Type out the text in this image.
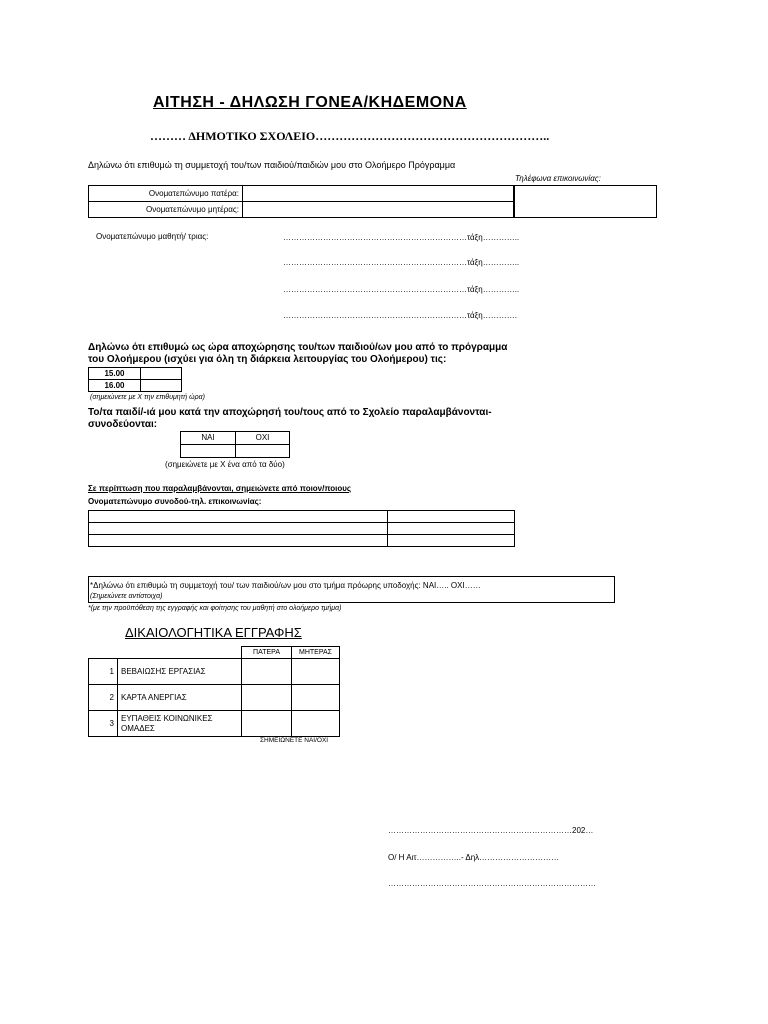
ΑΙΤΗΣΗ - ΔΗΛΩΣΗ ΓΟΝΕΑ/ΚΗΔΕΜΟΝΑ
……… ΔΗΜΟΤΙΚΟ ΣΧΟΛΕΙΟ…………………………………………………..
Δηλώνω ότι επιθυμώ τη συμμετοχή του/των παιδιού/παιδιών μου στο Ολοήμερο Πρόγραμμα
Τηλέφωνα επικοινωνίας:
Ονοματεπώνυμο πατέρα:	
Ονοματεπώνυμο μητέρας:	
Ονοματεπώνυμο μαθητή/ τριας:	……………………………………………………………τάξη…………..
……………………………………………………………τάξη…………..
……………………………………………………………τάξη…………..
……………………………………………………………τάξη………….
Δηλώνω ότι επιθυμώ ως ώρα αποχώρησης του/των παιδιού/ων μου από το πρόγραμμα
του Ολοήμερου (ισχύει για όλη τη διάρκεια λειτουργίας του Ολοήμερου) τις:
15.00	
16.00	
(σημειώνετε με Χ την επιθυμητή ώρα)
Το/τα παιδί/-ιά μου κατά την αποχώρησή του/τους από το Σχολείο παραλαμβάνονται-
συνοδεύονται:
ΝΑΙ	ΟΧΙ

(σημειώνετε με Χ ένα από τα δύο)
Σε περίπτωση που παραλαμβάνονται, σημειώνετε από ποιον/ποιους
Ονοματεπώνυμο συνοδού-τηλ. επικοινωνίας:

*Δηλώνω ότι επιθυμώ τη συμμετοχή του/ των παιδιού/ων μου στο τμήμα πρόωρης υποδοχής: ΝΑΙ….. ΟΧΙ……
(Σημειώνετε αντίστοιχα)
*(με την προϋπόθεση της εγγραφής και φοίτησης του μαθητή στο ολοήμερο τμήμα)
ΔΙΚΑΙΟΛΟΓΗΤΙΚΑ ΕΓΓΡΑΦΗΣ
		ΠΑΤΕΡΑ	ΜΗΤΕΡΑΣ
1	ΒΕΒΑΙΩΣΗΣ ΕΡΓΑΣΙΑΣ		
2	ΚΑΡΤΑ ΑΝΕΡΓΙΑΣ		
3	ΕΥΠΑΘΕΙΣ ΚΟΙΝΩΝΙΚΕΣ
ΟΜΑΔΕΣ		
ΣΗΜΕΙΩΝΕΤΕ ΝΑΙ/ΟΧΙ
……………………………………………………………202…
Ο/ Η Αιτ……………..- Δηλ…………………………
……………………………………………………………………
